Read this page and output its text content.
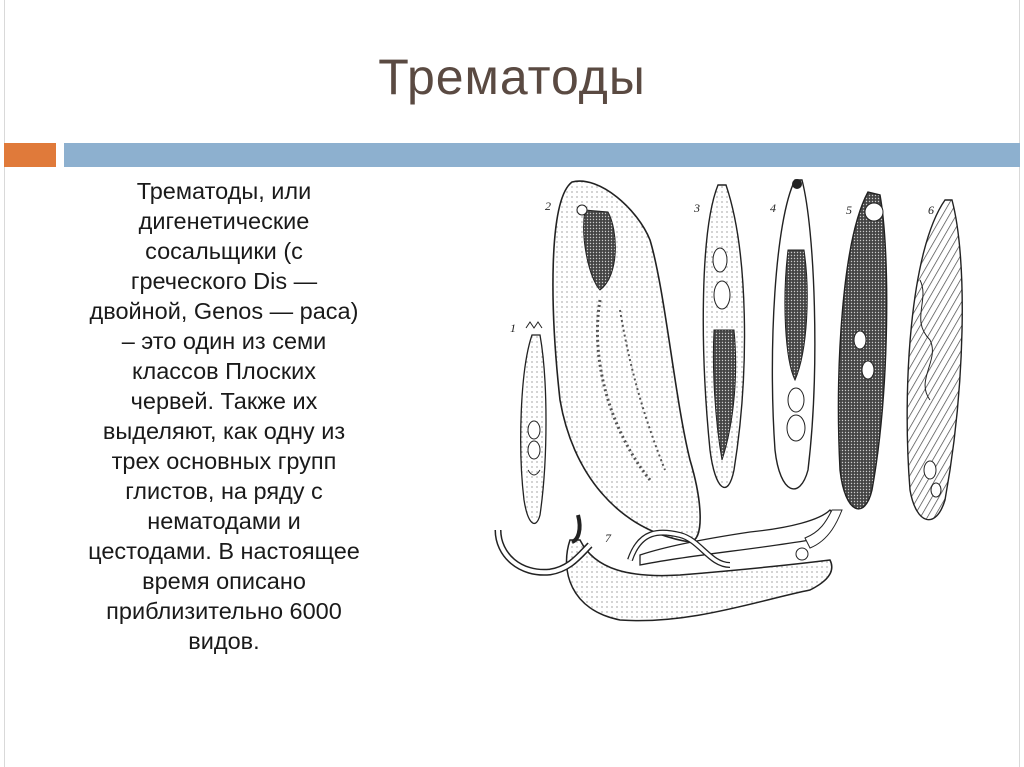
Трематоды
Трематоды, или
дигенетические
сосальщики (с
греческого Dis —
двойной, Genos — раса)
– это один из семи
классов Плоских
червей. Также их
выделяют, как одну из
трех основных групп
глистов, на ряду с
нематодами и
цестодами. В настоящее
время описано
приблизительно 6000
видов.
1
2	3	4	5	6
7
